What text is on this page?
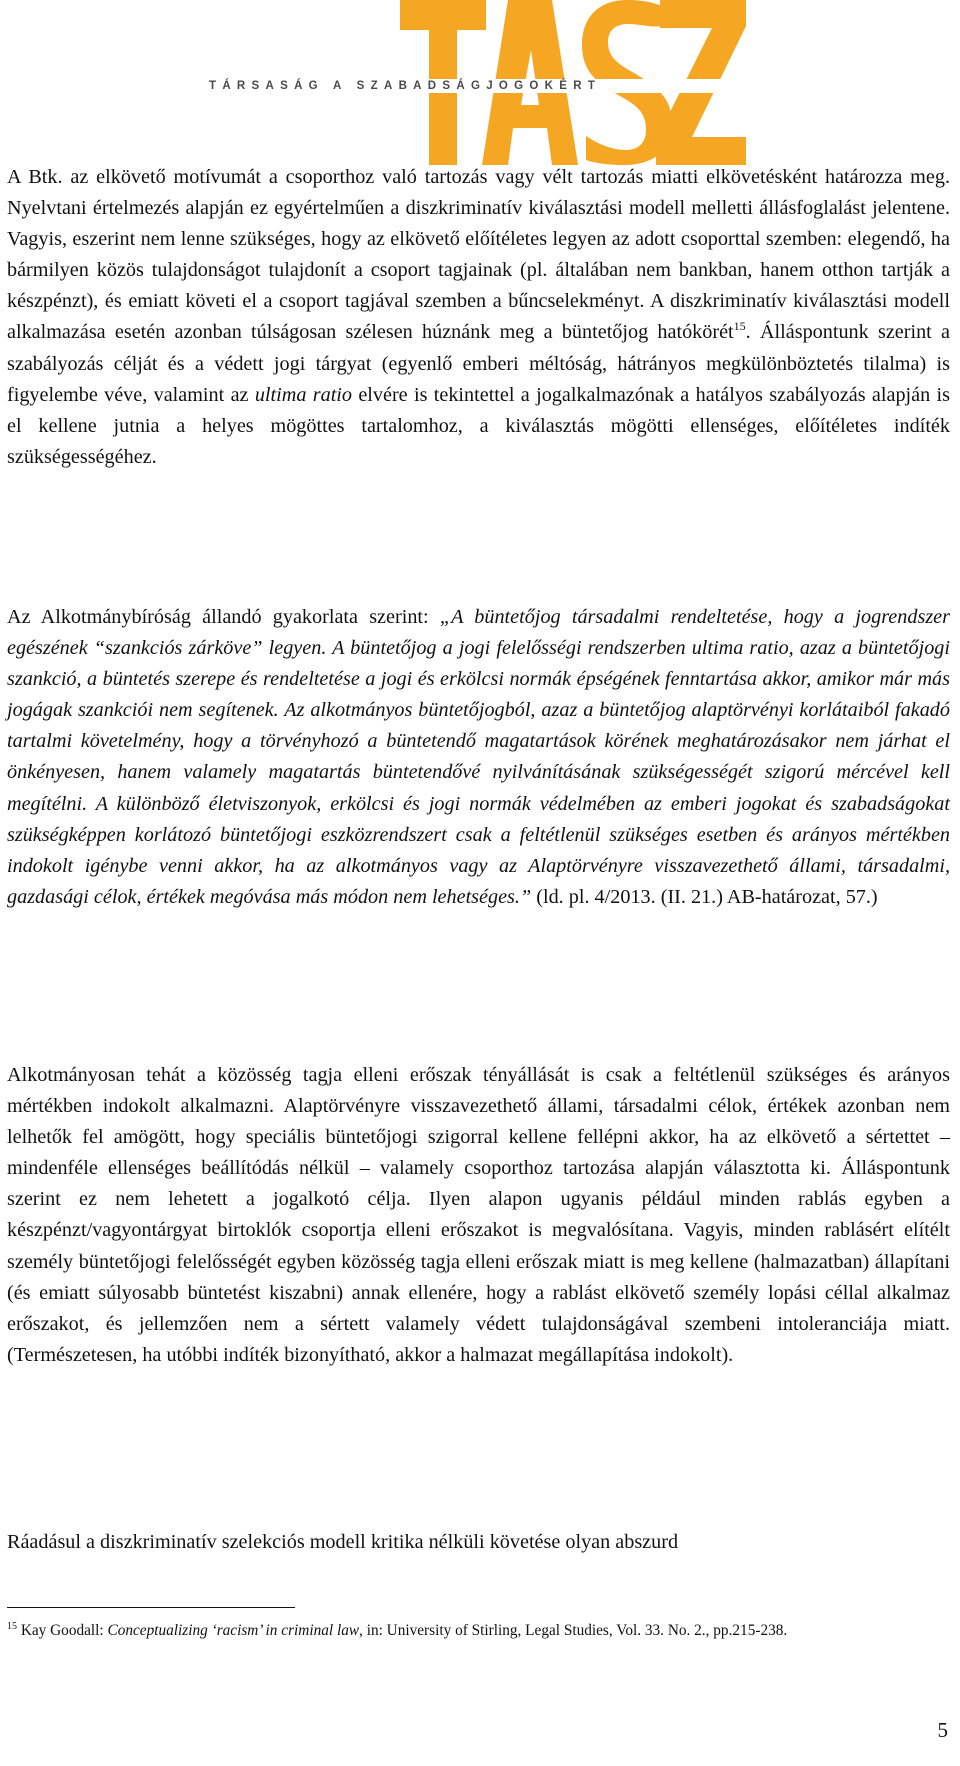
TÁRSASÁG A SZABADSÁGJOGOKÉRT

A Btk. az elkövető motívumát a csoporthoz való tartozás vagy vélt tartozás miatti elkövetésként határozza meg. Nyelvtani értelmezés alapján ez egyértelműen a diszkriminatív kiválasztási modell melletti állásfoglalást jelentene. Vagyis, eszerint nem lenne szükséges, hogy az elkövető előítéletes legyen az adott csoporttal szemben: elegendő, ha bármilyen közös tulajdonságot tulajdonít a csoport tagjainak (pl. általában nem bankban, hanem otthon tartják a készpénzt), és emiatt követi el a csoport tagjával szemben a bűncselekményt. A diszkriminatív kiválasztási modell alkalmazása esetén azonban túlságosan szélesen húznánk meg a büntetőjog hatókörét$^{15}$. Álláspontunk szerint a szabályozás célját és a védett jogi tárgyat (egyenlő emberi méltóság, hátrányos megkülönböztetés tilalma) is figyelembe véve, valamint az ultima ratio elvére is tekintettel a jogalkalmazónak a hatályos szabályozás alapján is el kellene jutnia a helyes mögöttes tartalomhoz, a kiválasztás mögötti ellenséges, előítéletes indíték szükségességéhez.

Az Alkotmánybíróság állandó gyakorlata szerint: „A büntetőjog társadalmi rendeltetése, hogy a jogrendszer egészének “szankciós zárköve” legyen. A büntetőjog a jogi felelősségi rendszerben ultima ratio, azaz a büntetőjogi szankció, a büntetés szerepe és rendeltetése a jogi és erkölcsi normák épségének fenntartása akkor, amikor már más jogágak szankciói nem segítenek. Az alkotmányos büntetőjogból, azaz a büntetőjog alaptörvényi korlátaiból fakadó tartalmi követelmény, hogy a törvényhozó a büntetendő magatartások körének meghatározásakor nem járhat el önkényesen, hanem valamely magatartás büntetendővé nyilvánításának szükségességét szigorú mércével kell megítélni. A különböző életviszonyok, erkölcsi és jogi normák védelmében az emberi jogokat és szabadságokat szükségképpen korlátozó büntetőjogi eszközrendszert csak a feltétlenül szükséges esetben és arányos mértékben indokolt igénybe venni akkor, ha az alkotmányos vagy az Alaptörvényre visszavezethető állami, társadalmi, gazdasági célok, értékek megóvása más módon nem lehetséges.” (ld. pl. 4/2013. (II. 21.) AB-határozat, 57.)

Alkotmányosan tehát a közösség tagja elleni erőszak tényállását is csak a feltétlenül szükséges és arányos mértékben indokolt alkalmazni. Alaptörvényre visszavezethető állami, társadalmi célok, értékek azonban nem lelhetők fel amögött, hogy speciális büntetőjogi szigorral kellene fellépni akkor, ha az elkövető a sértettet – mindenféle ellenséges beállítódás nélkül – valamely csoporthoz tartozása alapján választotta ki. Álláspontunk szerint ez nem lehetett a jogalkotó célja. Ilyen alapon ugyanis például minden rablás egyben a készpénzt/vagyontárgyat birtoklók csoportja elleni erőszakot is megvalósítana. Vagyis, minden rablásért elítélt személy büntetőjogi felelősségét egyben közösség tagja elleni erőszak miatt is meg kellene (halmazatban) állapítani (és emiatt súlyosabb büntetést kiszabni) annak ellenére, hogy a rablást elkövető személy lopási céllal alkalmaz erőszakot, és jellemzően nem a sértett valamely védett tulajdonságával szembeni intoleranciája miatt. (Természetesen, ha utóbbi indíték bizonyítható, akkor a halmazat megállapítása indokolt).

Ráadásul a diszkriminatív szelekciós modell kritika nélküli követése olyan abszurd

$^{15}$ Kay Goodall: Conceptualizing ‘racism’ in criminal law, in: University of Stirling, Legal Studies, Vol. 33. No. 2., pp.215-238.
5
